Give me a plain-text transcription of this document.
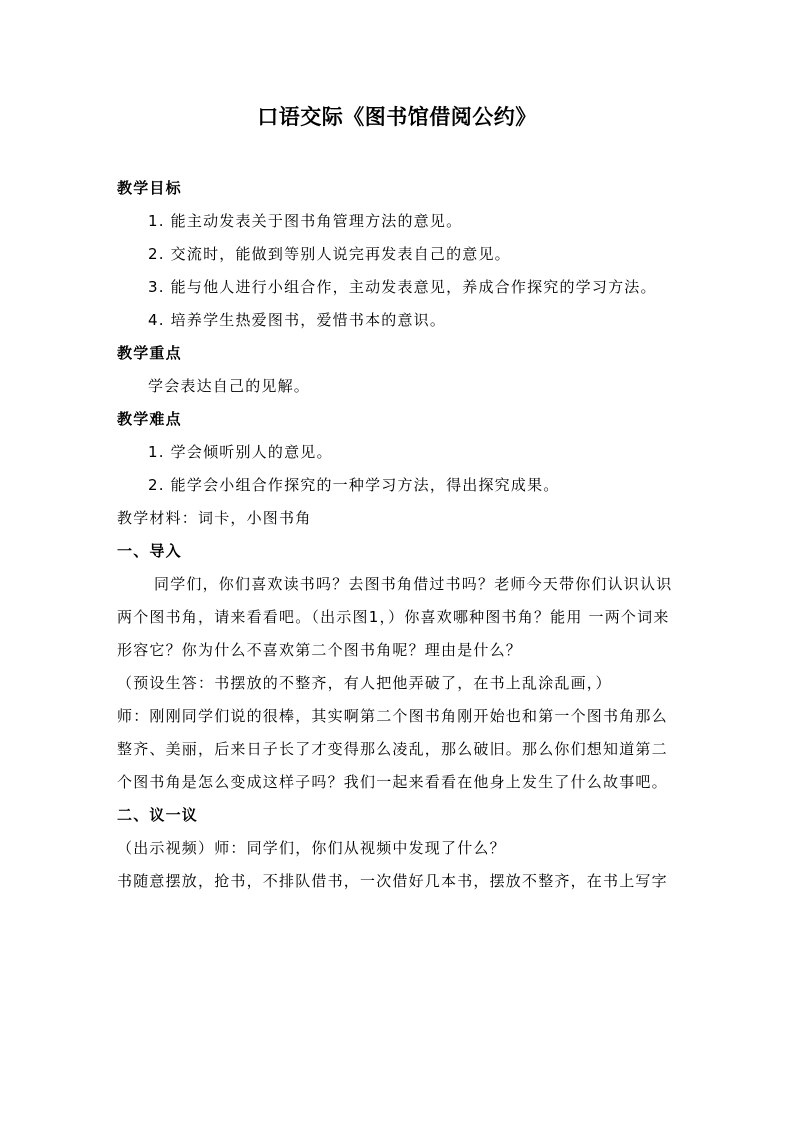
口语交际《图书馆借阅公约》

教学目标

1. 能主动发表关于图书角管理方法的意见。

2. 交流时，能做到等别人说完再发表自己的意见。

3. 能与他人进行小组合作，主动发表意见，养成合作探究的学习方法。

4. 培养学生热爱图书，爱惜书本的意识。

教学重点

学会表达自己的见解。

教学难点

1. 学会倾听别人的意见。

2. 能学会小组合作探究的一种学习方法，得出探究成果。

教学材料：词卡，小图书角

一、导入

同学们，你们喜欢读书吗？去图书角借过书吗？老师今天带你们认识认识两个图书角，请来看看吧。（出示图1，）你喜欢哪种图书角？能用 一两个词来形容它？你为什么不喜欢第二个图书角呢？理由是什么？

（预设生答：书摆放的不整齐，有人把他弄破了，在书上乱涂乱画，）

师：刚刚同学们说的很棒，其实啊第二个图书角刚开始也和第一个图书角那么整齐、美丽，后来日子长了才变得那么凌乱，那么破旧。那么你们想知道第二个图书角是怎么变成这样子吗？我们一起来看看在他身上发生了什么故事吧。

二、议一议

（出示视频）师：同学们，你们从视频中发现了什么？

书随意摆放，抢书，不排队借书，一次借好几本书，摆放不整齐，在书上写字
